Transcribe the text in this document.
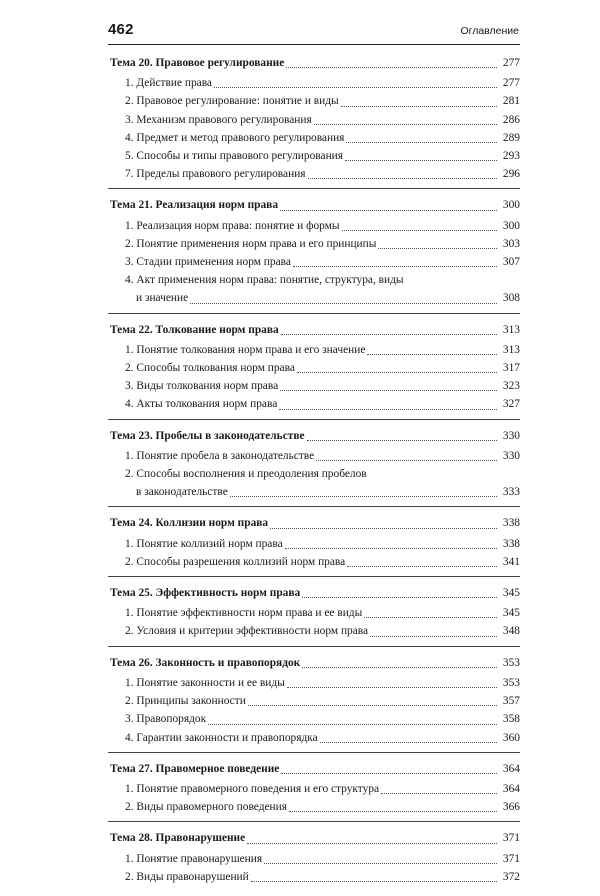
462	Оглавление
Тема 20. Правовое регулирование	277
1. Действие права	277
2. Правовое регулирование: понятие и виды	281
3. Механизм правового регулирования	286
4. Предмет и метод правового регулирования	289
5. Способы и типы правового регулирования	293
7. Пределы правового регулирования	296
Тема 21. Реализация норм права	300
1. Реализация норм права: понятие и формы	300
2. Понятие применения норм права и его принципы	303
3. Стадии применения норм права	307
4. Акт применения норм права: понятие, структура, виды
и значение	308
Тема 22. Толкование норм права	313
1. Понятие толкования норм права и его значение	313
2. Способы толкования норм права	317
3. Виды толкования норм права	323
4. Акты толкования норм права	327
Тема 23. Пробелы в законодательстве	330
1. Понятие пробела в законодательстве	330
2. Способы восполнения и преодоления пробелов
в законодательстве	333
Тема 24. Коллизии норм права	338
1. Понятие коллизий норм права	338
2. Способы разрешения коллизий норм права	341
Тема 25. Эффективность норм права	345
1. Понятие эффективности норм права и ее виды	345
2. Условия и критерии эффективности норм права	348
Тема 26. Законность и правопорядок	353
1. Понятие законности и ее виды	353
2. Принципы законности	357
3. Правопорядок	358
4. Гарантии законности и правопорядка	360
Тема 27. Правомерное поведение	364
1. Понятие правомерного поведения и его структура	364
2. Виды правомерного поведения	366
Тема 28. Правонарушение	371
1. Понятие правонарушения	371
2. Виды правонарушений	372
